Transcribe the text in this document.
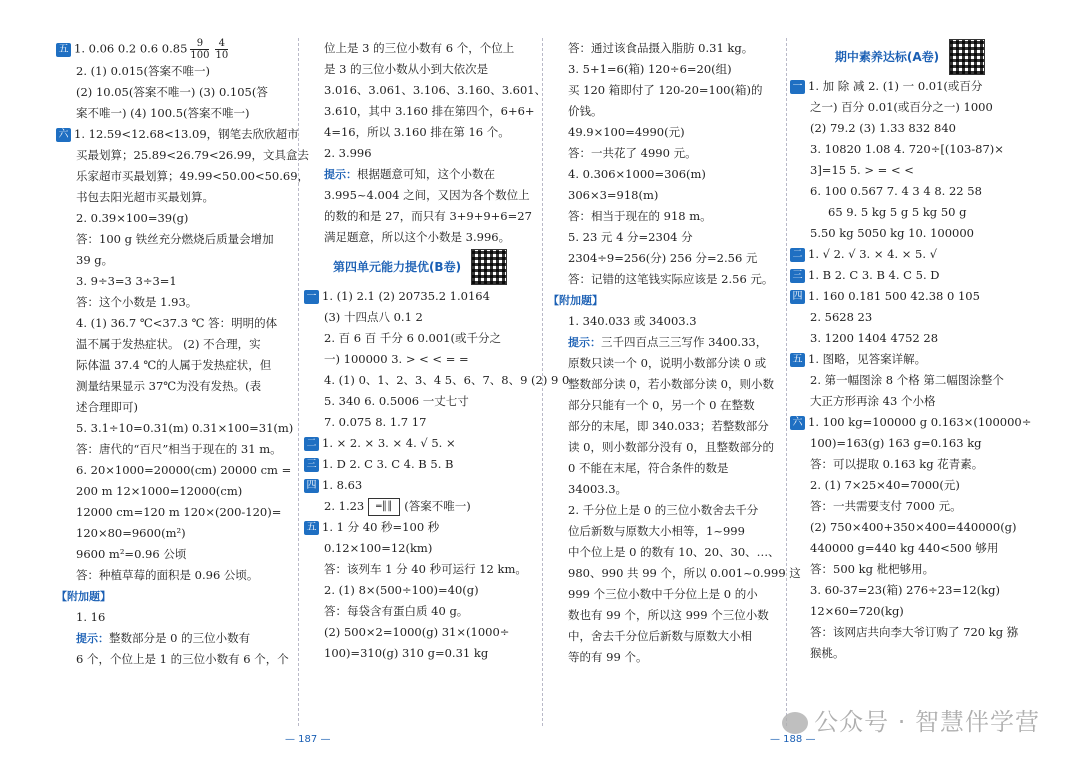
五 1. 0.06 0.2 0.6 $0.85 \frac{9}{100} \frac{4}{10}$
2. (1) 0.015(答案不唯一)
(2) 10.05(答案不唯一) (3) 0.105(答
案不唯一) (4) 100.5(答案不唯一)
六 1. 12.59<12.68<13.09，钢笔去欣欣超市
买最划算；25.89<26.79<26.99，文具盒去
乐家超市买最划算；49.99<50.00<50.69，
书包去阳光超市买最划算。
2. 0.39×100=39(g)
答：100 g 铁丝充分燃烧后质量会增加
39 g。
3. 9÷3=3 3÷3=1
答：这个小数是 1.93。
4. (1) 36.7 ℃<37.3 ℃ 答：明明的体
温不属于发热症状。 (2) 不合理，实
际体温 37.4 ℃的人属于发热症状，但
测量结果显示 37℃为没有发热。(表
述合理即可)
5. 3.1÷10=0.31(m) 0.31×100=31(m)
答：唐代的“百尺”相当于现在的 31 m。
6. 20×1000=20000(cm) 20000 cm =
200 m 12×1000=12000(cm)
12000 cm=120 m 120×(200-120)=
120×80=9600(m²)
9600 m²=0.96 公顷
答：种植草莓的面积是 0.96 公顷。
【附加题】
1. 16
提示：整数部分是 0 的三位小数有
6 个，个位上是 1 的三位小数有 6 个，个
位上是 3 的三位小数有 6 个，个位上
是 3 的三位小数从小到大依次是
3.016、3.061、3.106、3.160、3.601、
3.610，其中 3.160 排在第四个，6+6+
4=16，所以 3.160 排在第 16 个。
2. 3.996
提示：根据题意可知，这个小数在
3.995~4.004 之间，又因为各个数位上
的数的和是 27，而只有 3+9+9+6=27
满足题意，所以这个小数是 3.996。
第四单元能力提优(B卷)
一 1. (1) 2.1 (2) 20735.2 1.0164
(3) 十四点八 0.1 2
2. 百 6 百 千分 6 0.001(或千分之
一) 100000 3. > < < = =
4. (1) 0、1、2、3、4 5、6、7、8、9 (2) 9 0
5. 340 6. 0.5006 一丈七寸
7. 0.075 8. 1.7 17
二 1. × 2. × 3. × 4. √ 5. ×
三 1. D 2. C 3. C 4. B 5. B
四 1. 8.63
2. 1.23 ═║║ (答案不唯一)
五 1. 1 分 40 秒=100 秒
0.12×100=12(km)
答：该列车 1 分 40 秒可运行 12 km。
2. (1) 8×(500÷100)=40(g)
答：每袋含有蛋白质 40 g。
(2) 500×2=1000(g) 31×(1000÷
100)=310(g) 310 g=0.31 kg
答：通过该食品摄入脂肪 0.31 kg。
3. 5+1=6(箱) 120÷6=20(组)
买 120 箱即付了 120-20=100(箱)的
价钱。
49.9×100=4990(元)
答：一共花了 4990 元。
4. 0.306×1000=306(m)
306×3=918(m)
答：相当于现在的 918 m。
5. 23 元 4 分=2304 分
2304÷9=256(分) 256 分=2.56 元
答：记错的这笔钱实际应该是 2.56 元。
【附加题】
1. 340.033 或 34003.3
提示：三千四百点三三写作 3400.33，
原数只读一个 0，说明小数部分读 0 或
整数部分读 0，若小数部分读 0，则小数
部分只能有一个 0，另一个 0 在整数
部分的末尾，即 340.033；若整数部分
读 0，则小数部分没有 0，且整数部分的
0 不能在末尾，符合条件的数是
34003.3。
2. 千分位上是 0 的三位小数舍去千分
位后新数与原数大小相等，1~999
中个位上是 0 的数有 10、20、30、…、
980、990 共 99 个，所以 0.001~0.999 这
999 个三位小数中千分位上是 0 的小
数也有 99 个，所以这 999 个三位小数
中，舍去千分位后新数与原数大小相
等的有 99 个。
期中素养达标(A卷)
一 1. 加 除 减 2. (1) 一 0.01(或百分
之一) 百分 0.01(或百分之一) 1000
(2) 79.2 (3) 1.33 832 840
3. 10820 1.08 4. 720÷[(103-87)×
3]=15 5. > = < <
6. 100 0.567 7. 4 3 4 8. 22 58
65 9. 5 kg 5 g 5 kg 50 g
5.50 kg 5050 kg 10. 100000
二 1. √ 2. √ 3. × 4. × 5. √
三 1. B 2. C 3. B 4. C 5. D
四 1. 160 0.181 500 42.38 0 105
2. 5628 23
3. 1200 1404 4752 28
五 1. 图略，见答案详解。
2. 第一幅图涂 8 个格 第二幅图涂整个
大正方形再涂 43 个小格
六 1. 100 kg=100000 g 0.163×(100000÷
100)=163(g) 163 g=0.163 kg
答：可以提取 0.163 kg 花青素。
2. (1) 7×25×40=7000(元)
答：一共需要支付 7000 元。
(2) 750×400+350×400=440000(g)
440000 g=440 kg 440<500 够用
答：500 kg 枇杷够用。
3. 60-37=23(箱) 276÷23=12(kg)
12×60=720(kg)
答：该网店共向李大爷订购了 720 kg 猕
猴桃。
— 187 —	— 188 —
公众号 · 智慧伴学营
